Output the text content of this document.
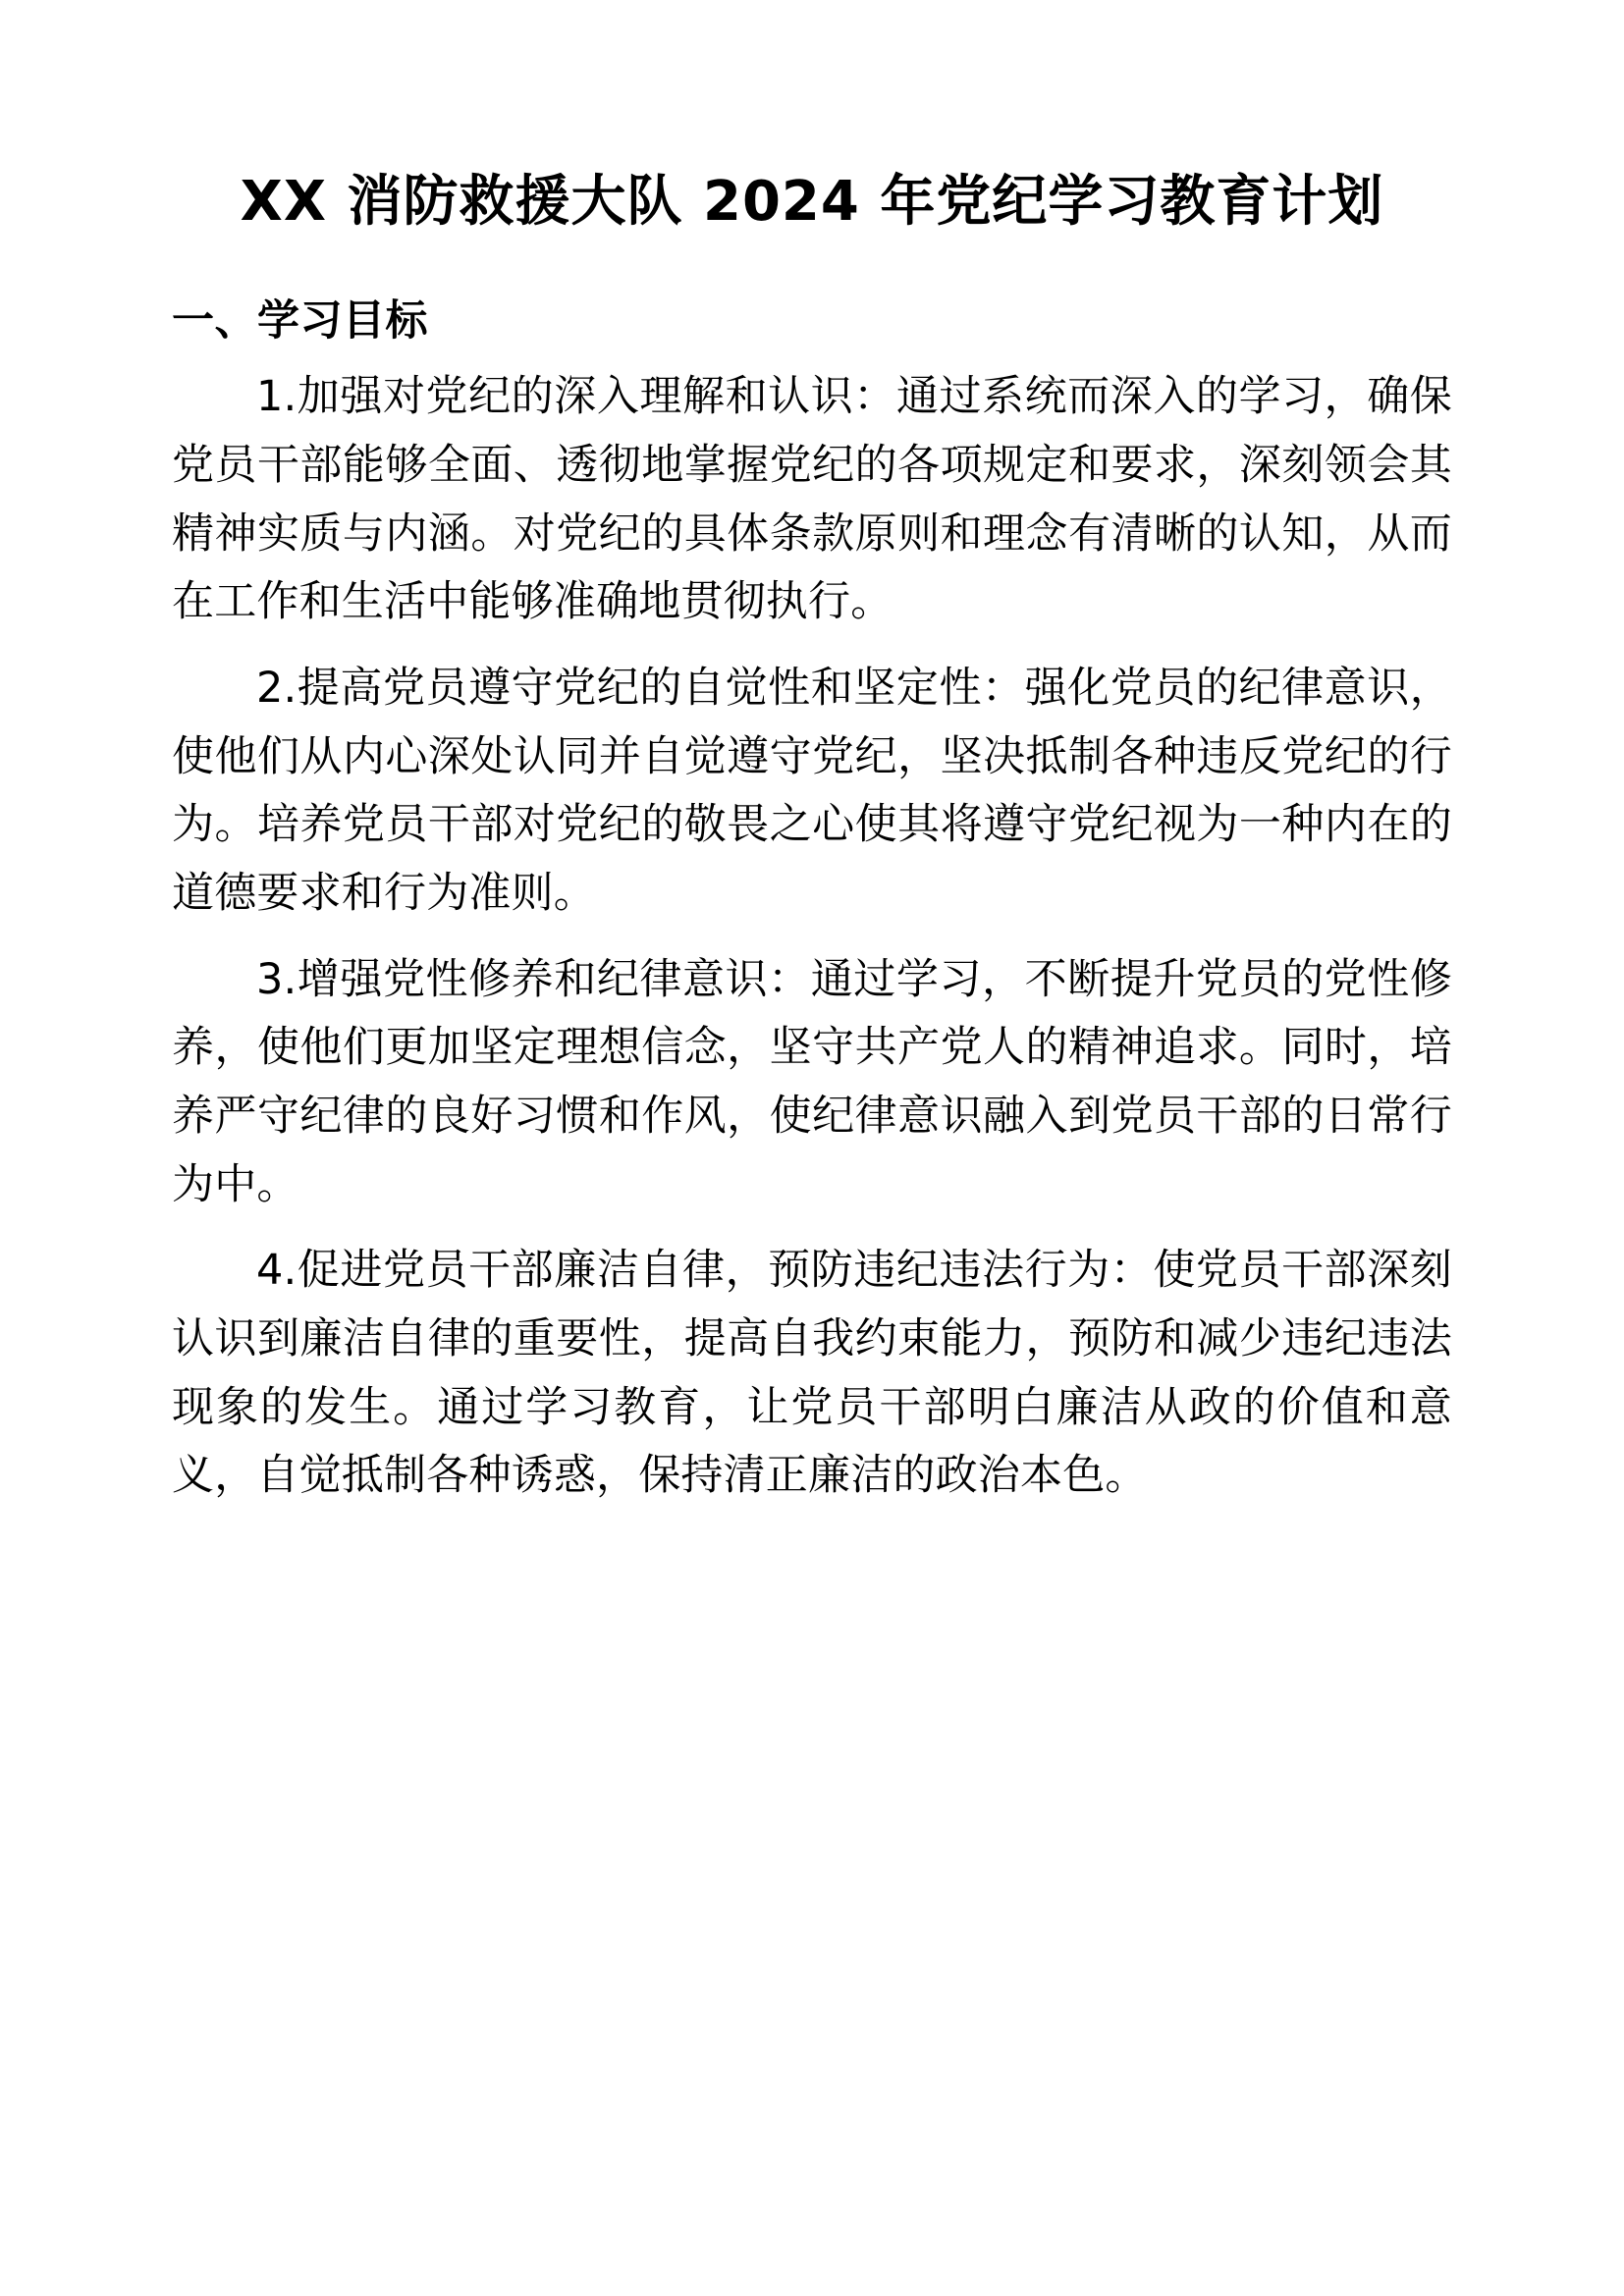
XX 消防救援大队 2024 年党纪学习教育计划
一、学习目标

1.加强对党纪的深入理解和认识：通过系统而深入的学习，确保党员干部能够全面、透彻地掌握党纪的各项规定和要求，深刻领会其精神实质与内涵。对党纪的具体条款原则和理念有清晰的认知，从而在工作和生活中能够准确地贯彻执行。

2.提高党员遵守党纪的自觉性和坚定性：强化党员的纪律意识，使他们从内心深处认同并自觉遵守党纪，坚决抵制各种违反党纪的行为。培养党员干部对党纪的敬畏之心使其将遵守党纪视为一种内在的道德要求和行为准则。

3.增强党性修养和纪律意识：通过学习，不断提升党员的党性修养，使他们更加坚定理想信念，坚守共产党人的精神追求。同时，培养严守纪律的良好习惯和作风，使纪律意识融入到党员干部的日常行为中。

4.促进党员干部廉洁自律，预防违纪违法行为：使党员干部深刻认识到廉洁自律的重要性，提高自我约束能力，预防和减少违纪违法现象的发生。通过学习教育，让党员干部明白廉洁从政的价值和意义，自觉抵制各种诱惑，保持清正廉洁的政治本色。
